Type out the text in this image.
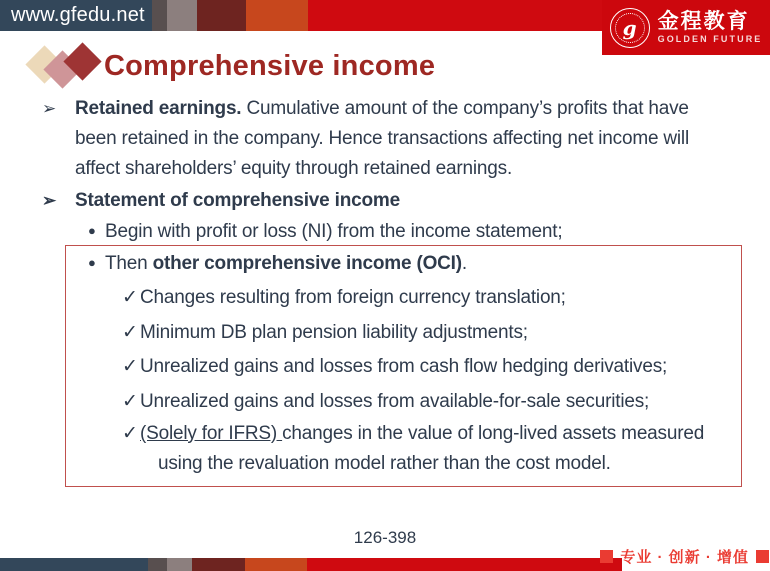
www.gfedu.net
g	金程教育
GOLDEN FUTURE
Comprehensive income

➢ Retained earnings. Cumulative amount of the company’s profits that have been retained in the company. Hence transactions affecting net income will affect shareholders’ equity through retained earnings.

➢ Statement of comprehensive income

● Begin with profit or loss (NI) from the income statement;

● Then other comprehensive income (OCI).

✓ Changes resulting from foreign currency translation;

✓ Minimum DB plan pension liability adjustments;

✓ Unrealized gains and losses from cash flow hedging derivatives;

✓ Unrealized gains and losses from available-for-sale securities;

✓ (Solely for IFRS) changes in the value of long-lived assets measured using the revaluation model rather than the cost model.

126-398
专业 · 创新 · 增值
